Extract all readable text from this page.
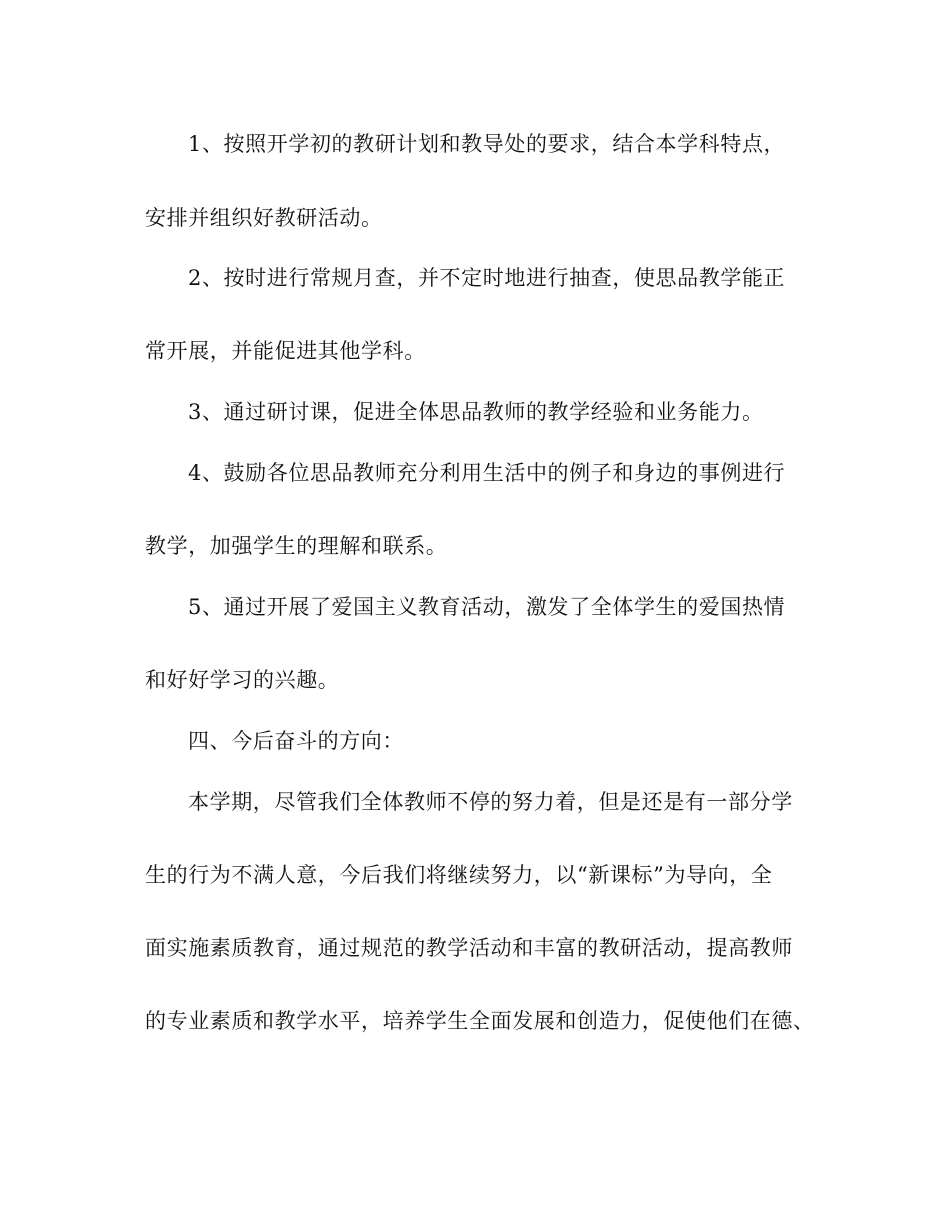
1、按照开学初的教研计划和教导处的要求，结合本学科特点，
安排并组织好教研活动。
2、按时进行常规月查，并不定时地进行抽查，使思品教学能正
常开展，并能促进其他学科。
3、通过研讨课，促进全体思品教师的教学经验和业务能力。
4、鼓励各位思品教师充分利用生活中的例子和身边的事例进行
教学，加强学生的理解和联系。
5、通过开展了爱国主义教育活动，激发了全体学生的爱国热情
和好好学习的兴趣。
四、今后奋斗的方向：
本学期，尽管我们全体教师不停的努力着，但是还是有一部分学
生的行为不满人意，今后我们将继续努力，以“新课标”为导向，全
面实施素质教育，通过规范的教学活动和丰富的教研活动，提高教师
的专业素质和教学水平，培养学生全面发展和创造力，促使他们在德、
